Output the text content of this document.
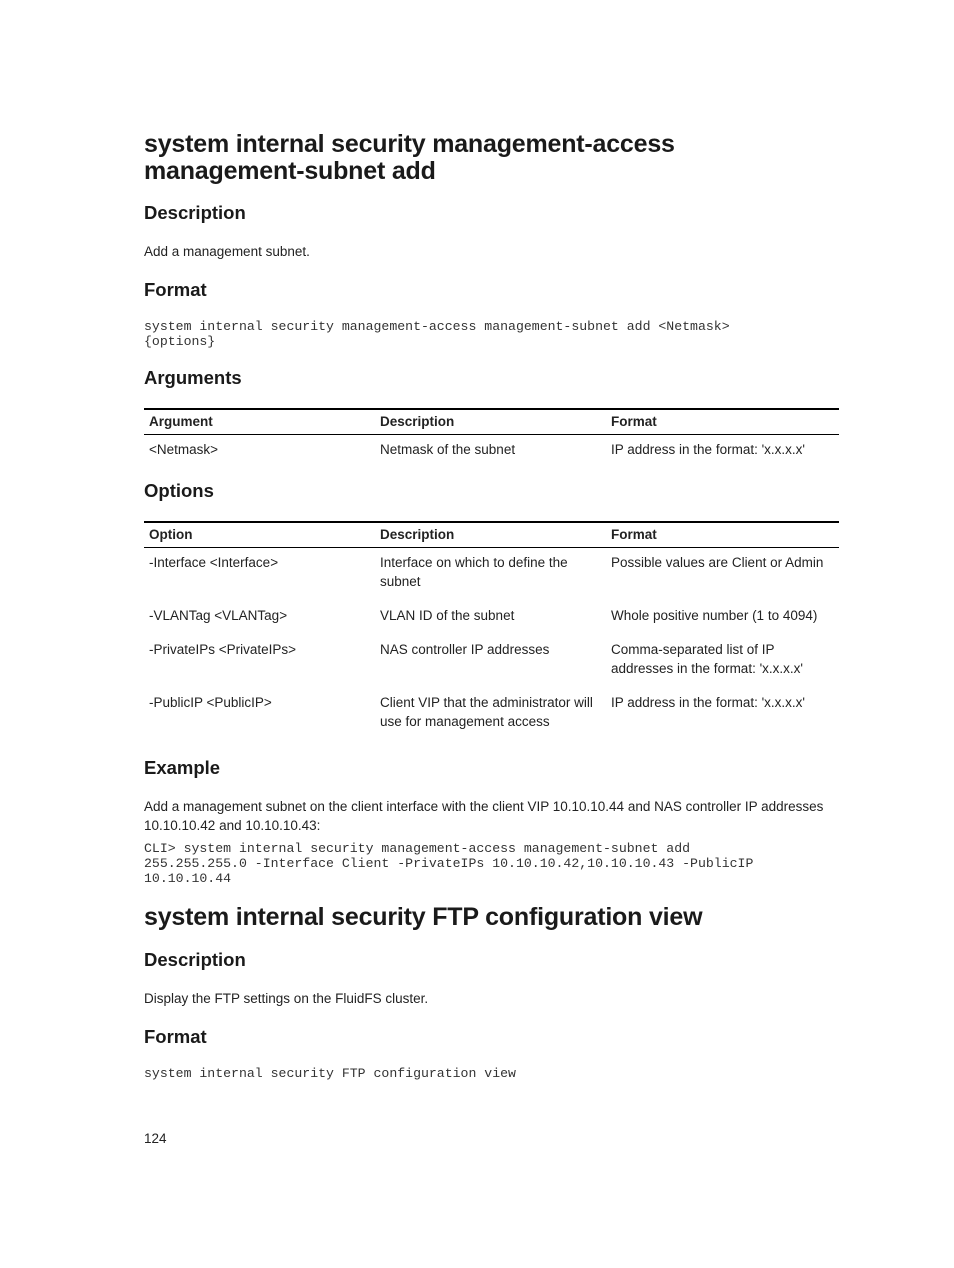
system internal security management-access
management-subnet add
Description
Add a management subnet.
Format
system internal security management-access management-subnet add <Netmask>
{options}
Arguments
Argument	Description	Format
<Netmask>	Netmask of the subnet	IP address in the format: 'x.x.x.x'
Options
Option	Description	Format
-Interface <Interface>	Interface on which to define the subnet	Possible values are Client or Admin
-VLANTag <VLANTag>	VLAN ID of the subnet	Whole positive number (1 to 4094)
-PrivateIPs <PrivateIPs>	NAS controller IP addresses	Comma-separated list of IP addresses in the format: 'x.x.x.x'
-PublicIP <PublicIP>	Client VIP that the administrator will use for management access	IP address in the format: 'x.x.x.x'
Example
Add a management subnet on the client interface with the client VIP 10.10.10.44 and NAS controller IP addresses 10.10.10.42 and 10.10.10.43:
CLI> system internal security management-access management-subnet add
255.255.255.0 -Interface Client -PrivateIPs 10.10.10.42,10.10.10.43 -PublicIP
10.10.10.44
system internal security FTP configuration view
Description
Display the FTP settings on the FluidFS cluster.
Format
system internal security FTP configuration view
124
